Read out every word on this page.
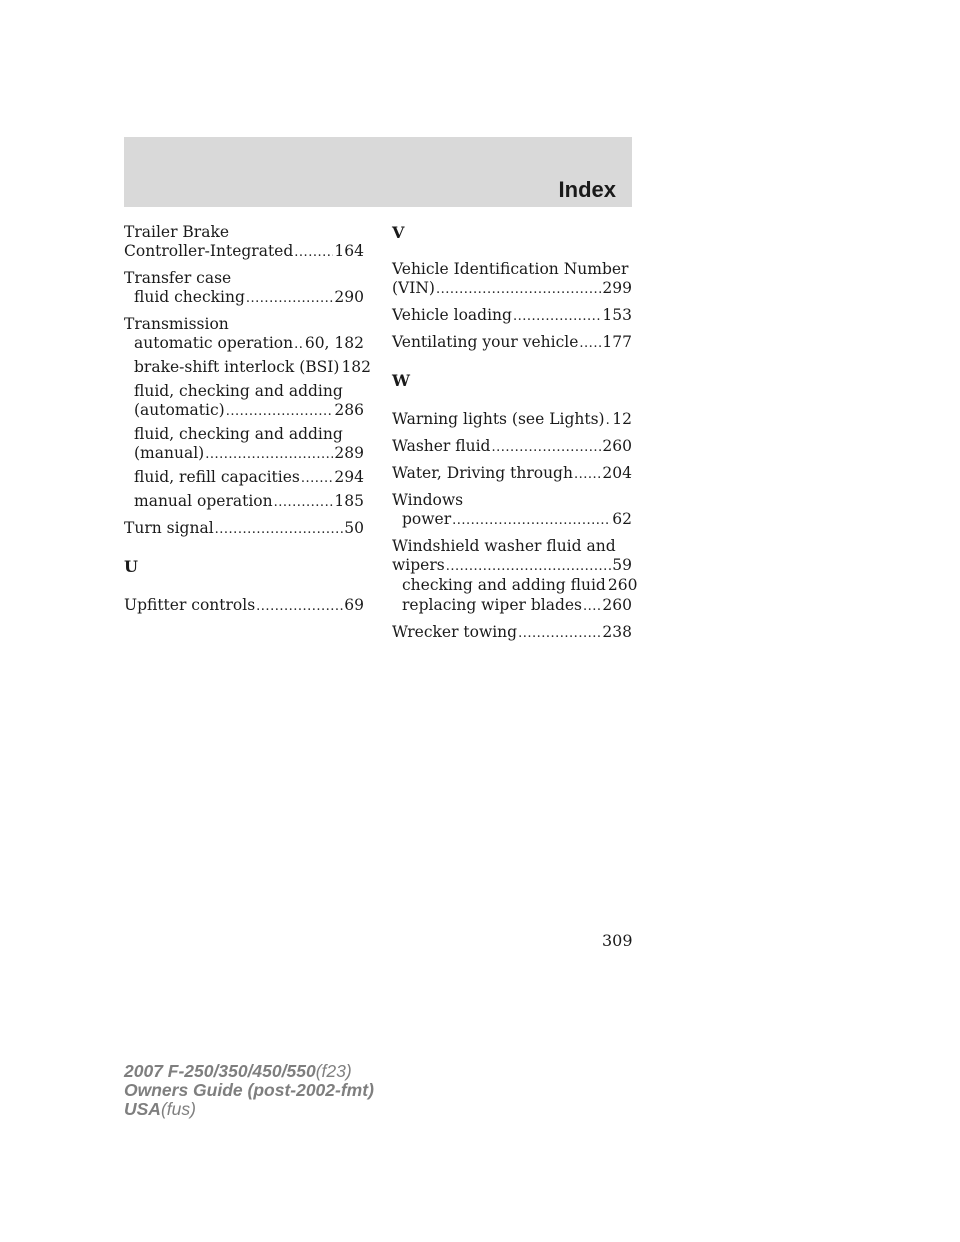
Index
Trailer Brake
Controller-Integrated .....	164
Transfer case
fluid checking .....	290
Transmission
automatic operation ..... 60, 182
brake-shift interlock (BSI) 182
fluid, checking and adding
(automatic) .....	286
fluid, checking and adding
(manual) .....	289
fluid, refill capacities ..... 294
manual operation .....	185
Turn signal .....	50
U
Upfitter controls .....	69
V
Vehicle Identification Number
(VIN) .....	299
Vehicle loading .....	153
Ventilating your vehicle ..... 177
W
Warning lights (see Lights) ..... 12
Washer fluid .....	260
Water, Driving through ..... 204
Windows
power .....	62
Windshield washer fluid and
wipers .....	59
checking and adding fluid 260
replacing wiper blades ..... 260
Wrecker towing .....	238
309
2007 F-250/350/450/550(f23)
Owners Guide (post-2002-fmt)
USA(fus)
